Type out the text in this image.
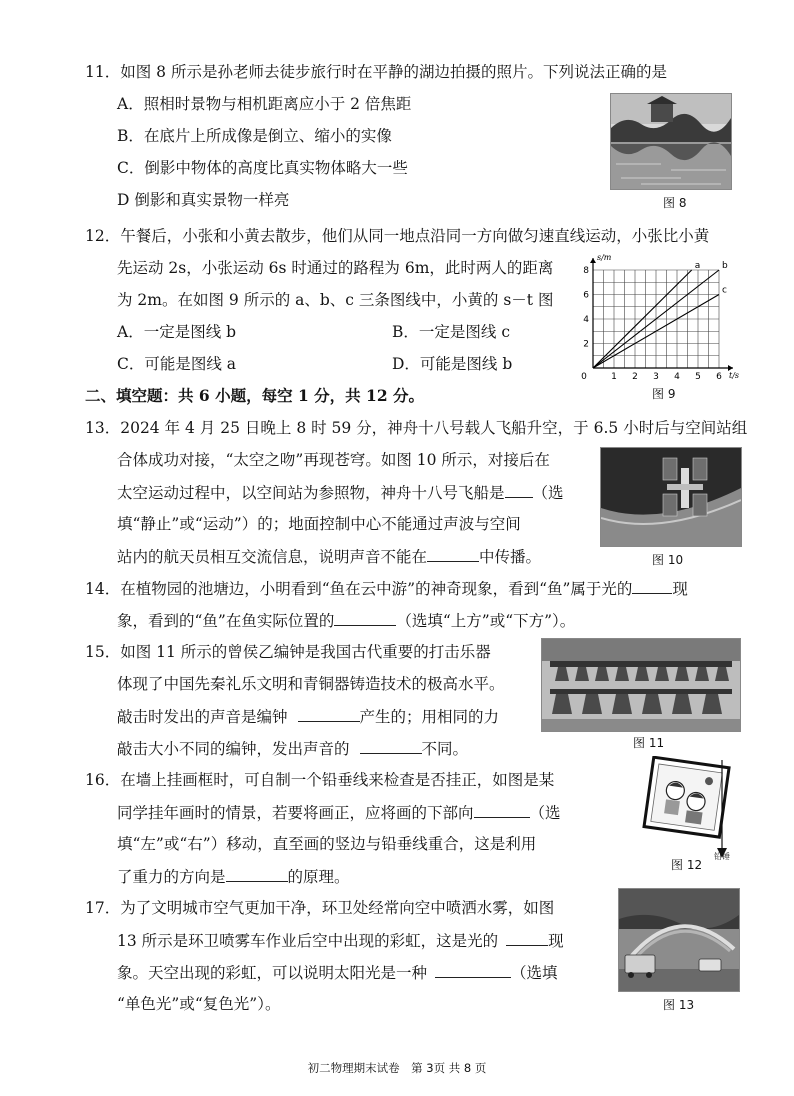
11．如图 8 所示是孙老师去徒步旅行时在平静的湖边拍摄的照片。下列说法正确的是
A．照相时景物与相机距离应小于 2 倍焦距
B．在底片上所成像是倒立、缩小的实像
C．倒影中物体的高度比真实物体略大一些
D 倒影和真实景物一样亮	图 8
12．午餐后，小张和小黄去散步，他们从同一地点沿同一方向做匀速直线运动，小张比小黄
先运动 2s，小张运动 6s 时通过的路程为 6m，此时两人的距离
为 2m。在如图 9 所示的 a、b、c 三条图线中，小黄的 s－t 图
A．一定是图线 b	B．一定是图线 c
C．可能是图线 a	D．可能是图线 b
0	1 2 3 4 5 6
2
4
6
8
t/s
s/m
a b
c
图 9
二、填空题：共 6 小题，每空 1 分，共 12 分。
13．2024 年 4 月 25 日晚上 8 时 59 分，神舟十八号载人飞船升空，于 6.5 小时后与空间站组
合体成功对接，“太空之吻”再现苍穹。如图 10 所示，对接后在
太空运动过程中，以空间站为参照物，神舟十八号飞船是 （选
填“静止”或“运动”）的；地面控制中心不能通过声波与空间
站内的航天员相互交流信息，说明声音不能在	中传播。	图 10
14．在植物园的池塘边，小明看到“鱼在云中游”的神奇现象，看到“鱼”属于光的	现
象，看到的“鱼”在鱼实际位置的	（选填“上方”或“下方”）。
15．如图 11 所示的曾侯乙编钟是我国古代重要的打击乐器
体现了中国先秦礼乐文明和青铜器铸造技术的极高水平。
敲击时发出的声音是编钟	产生的；用相同的力
敲击大小不同的编钟，发出声音的	不同。	图 11
16．在墙上挂画框时，可自制一个铅垂线来检查是否挂正，如图是某
同学挂年画时的情景，若要将画正，应将画的下部向	（选
填“左”或“右”）移动，直至画的竖边与铅垂线重合，这是利用
了重力的方向是	的原理。
铅锤
图 12
17．为了文明城市空气更加干净，环卫处经常向空中喷洒水雾，如图
13 所示是环卫喷雾车作业后空中出现的彩虹，这是光的	现
象。天空出现的彩虹，可以说明太阳光是一种	（选填
“单色光”或“复色光”）。	图 13
初二物理期末试卷　第 3页 共 8 页
